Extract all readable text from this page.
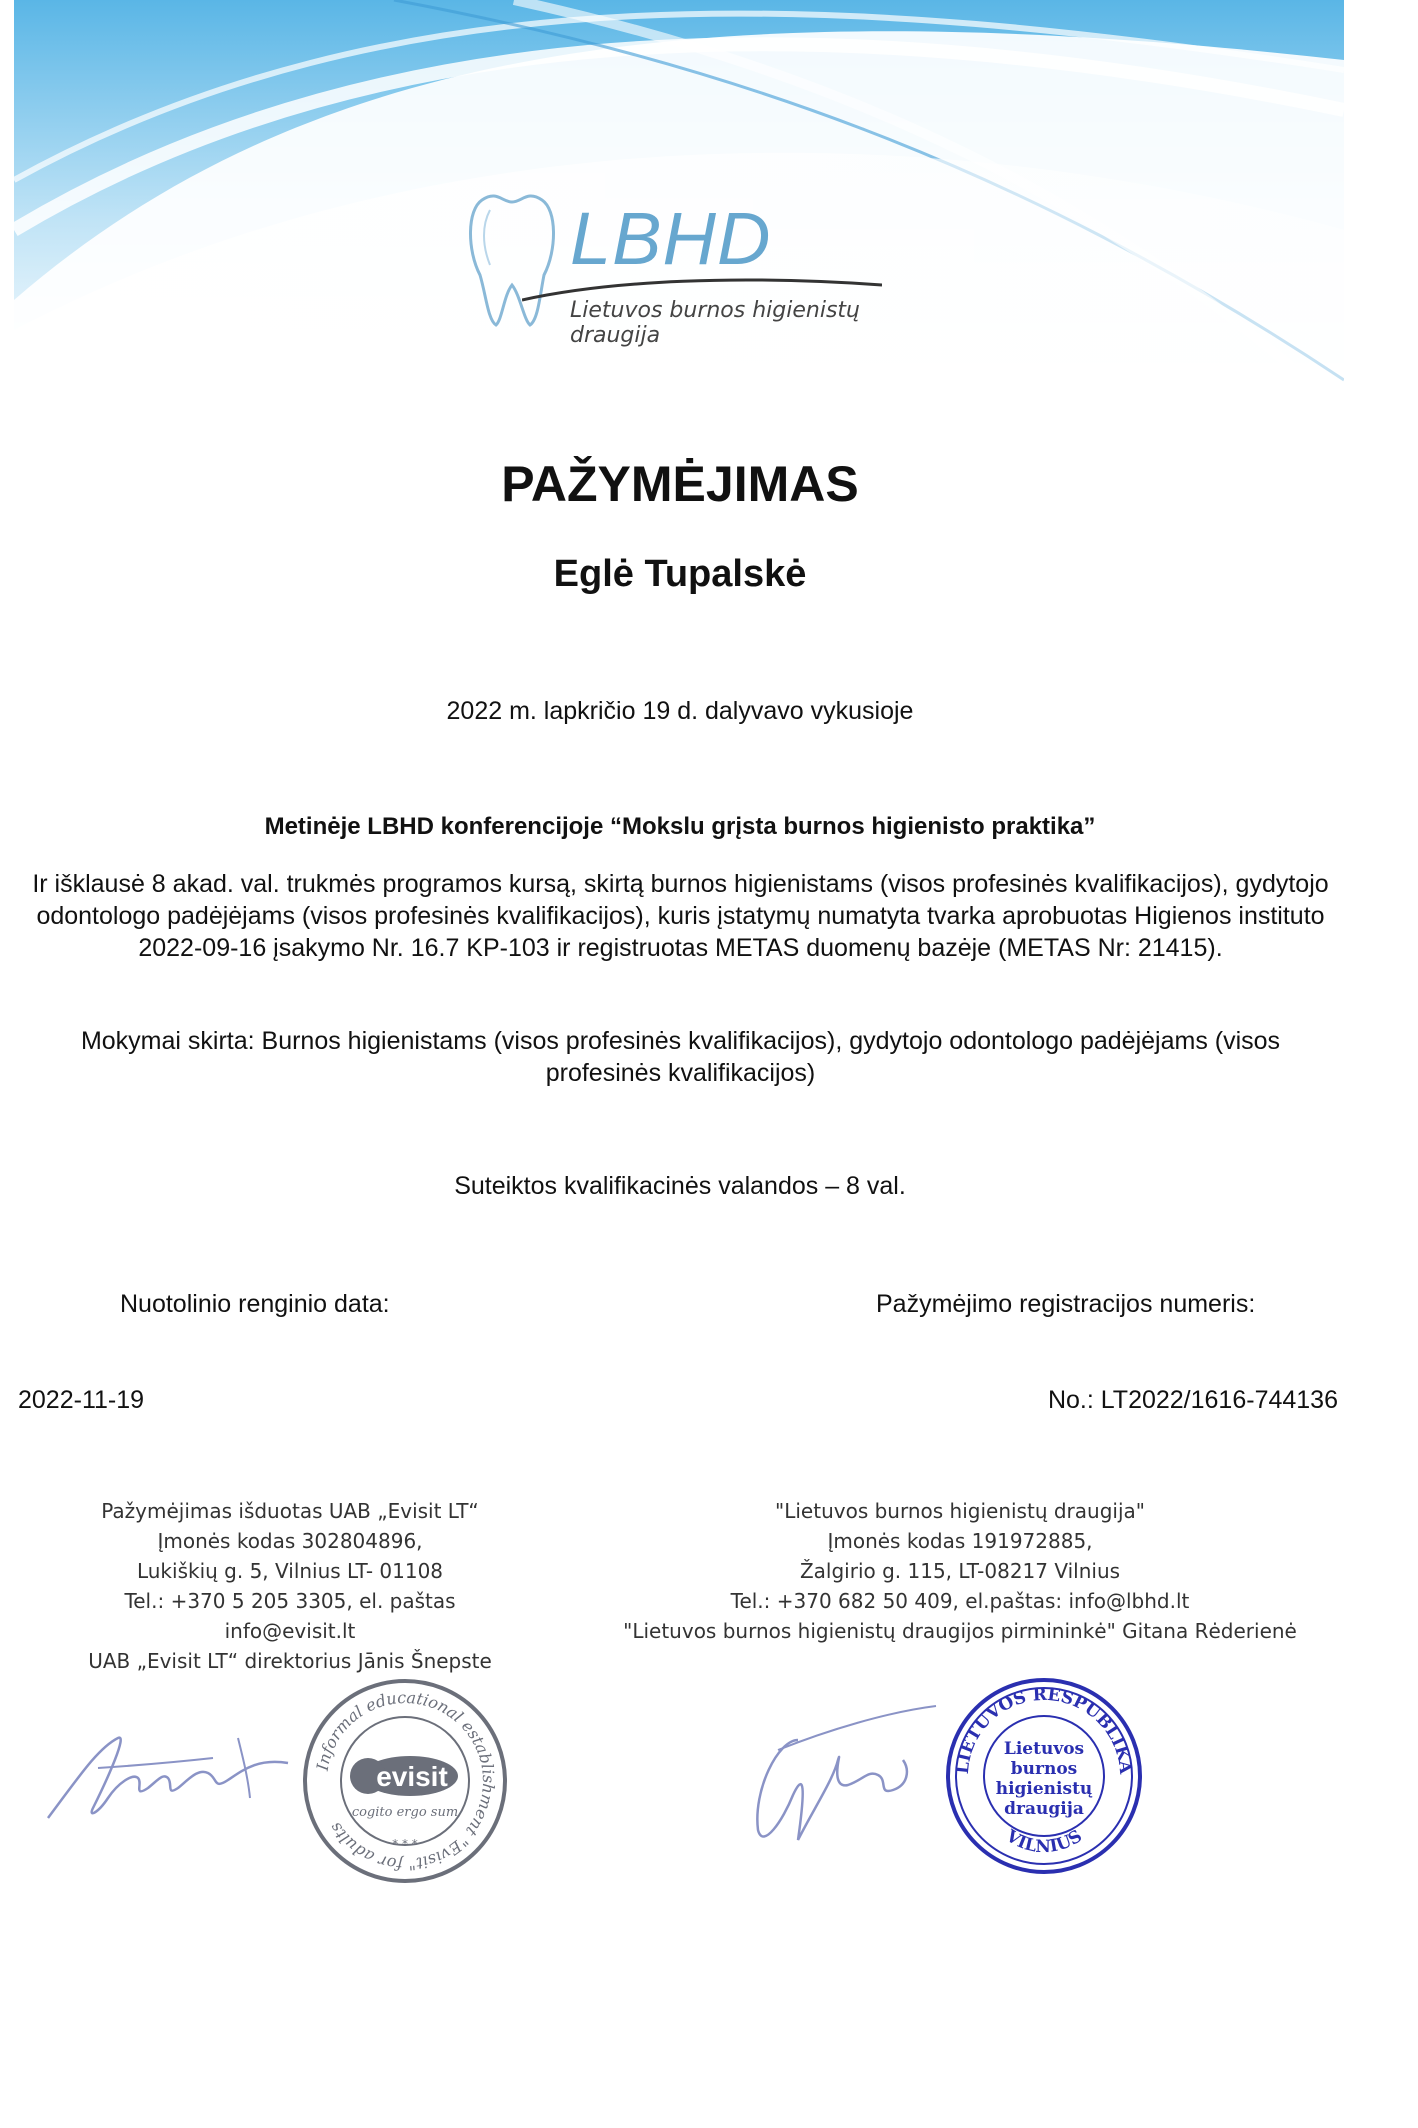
LBHD
Lietuvos burnos higienistų draugija
PAŽYMĖJIMAS
Eglė Tupalskė
2022 m. lapkričio 19 d. dalyvavo vykusioje
Metinėje LBHD konferencijoje “Mokslu grįsta burnos higienisto praktika”
Ir išklausė 8 akad. val. trukmės programos kursą, skirtą burnos higienistams (visos profesinės kvalifikacijos), gydytojo odontologo padėjėjams (visos profesinės kvalifikacijos), kuris įstatymų numatyta tvarka aprobuotas Higienos instituto 2022-09-16 įsakymo Nr. 16.7 KP-103 ir registruotas METAS duomenų bazėje (METAS Nr: 21415).
Mokymai skirta: Burnos higienistams (visos profesinės kvalifikacijos), gydytojo odontologo padėjėjams (visos profesinės kvalifikacijos)
Suteiktos kvalifikacinės valandos – 8 val.
Nuotolinio renginio data:	Pažymėjimo registracijos numeris:
2022-11-19	No.: LT2022/1616-744136
Pažymėjimas išduotas UAB „Evisit LT“
Įmonės kodas 302804896,
Lukiškių g. 5, Vilnius LT- 01108
Tel.: +370 5 205 3305, el. paštas info@evisit.lt
UAB „Evisit LT“ direktorius Jānis Šnepste
"Lietuvos burnos higienistų draugija"
Įmonės kodas 191972885,
Žalgirio g. 115, LT-08217 Vilnius
Tel.: +370 682 50 409, el.paštas: info@lbhd.lt
"Lietuvos burnos higienistų draugijos pirmininkė" Gitana Rėderienė
Informal educational establishment "Evisit" for adults
evisit
cogito ergo sum
* * *
LIETUVOS RESPUBLIKA
VILNIUS
Lietuvos
burnos
higienistų
draugija
